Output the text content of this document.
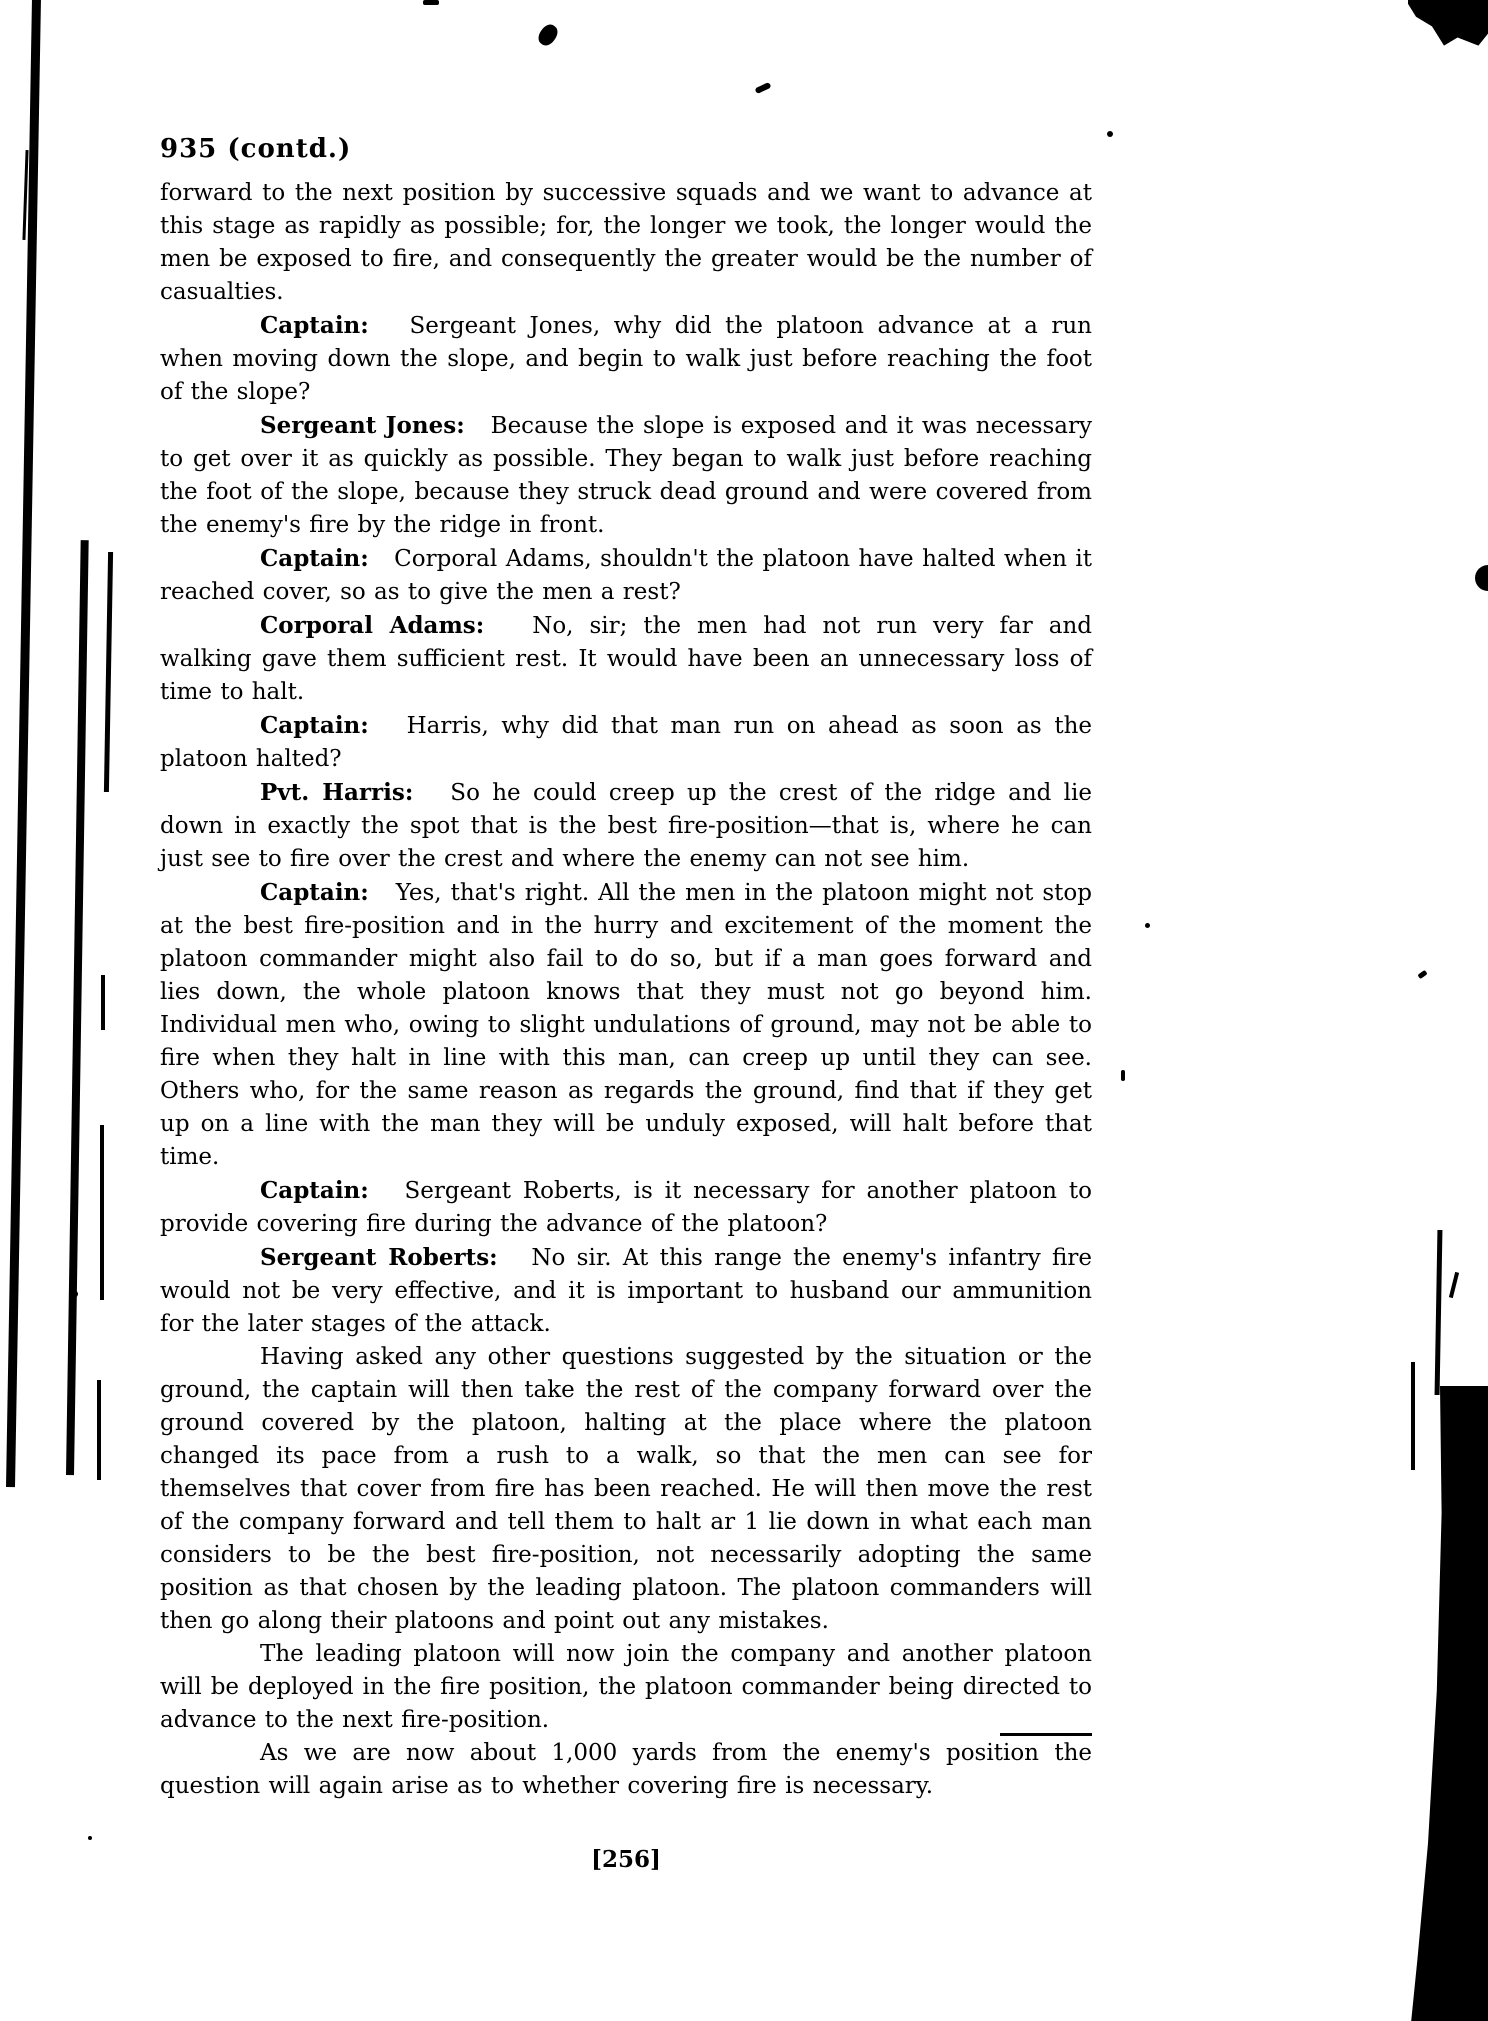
935 (contd.)

forward to the next position by successive squads and we want to advance at this stage as rapidly as possible; for, the longer we took, the longer would the men be exposed to fire, and consequently the greater would be the number of casualties.

Captain:   Sergeant Jones, why did the platoon advance at a run when moving down the slope, and begin to walk just before reaching the foot of the slope?

Sergeant Jones:   Because the slope is exposed and it was necessary to get over it as quickly as possible. They began to walk just before reaching the foot of the slope, because they struck dead ground and were covered from the enemy's fire by the ridge in front.

Captain:   Corporal Adams, shouldn't the platoon have halted when it reached cover, so as to give the men a rest?

Corporal Adams:   No, sir; the men had not run very far and walking gave them sufficient rest. It would have been an unnecessary loss of time to halt.

Captain:   Harris, why did that man run on ahead as soon as the platoon halted?

Pvt. Harris:   So he could creep up the crest of the ridge and lie down in exactly the spot that is the best fire-position—that is, where he can just see to fire over the crest and where the enemy can not see him.

Captain:   Yes, that's right. All the men in the platoon might not stop at the best fire-position and in the hurry and excitement of the moment the platoon commander might also fail to do so, but if a man goes forward and lies down, the whole platoon knows that they must not go beyond him. Individual men who, owing to slight undulations of ground, may not be able to fire when they halt in line with this man, can creep up until they can see. Others who, for the same reason as regards the ground, find that if they get up on a line with the man they will be unduly exposed, will halt before that time.

Captain:   Sergeant Roberts, is it necessary for another platoon to provide covering fire during the advance of the platoon?

Sergeant Roberts:   No sir. At this range the enemy's infantry fire would not be very effective, and it is important to husband our ammunition for the later stages of the attack.

Having asked any other questions suggested by the situation or the ground, the captain will then take the rest of the company forward over the ground covered by the platoon, halting at the place where the platoon changed its pace from a rush to a walk, so that the men can see for themselves that cover from fire has been reached. He will then move the rest of the company forward and tell them to halt ar 1 lie down in what each man considers to be the best fire-position, not necessarily adopting the same position as that chosen by the leading platoon. The platoon commanders will then go along their platoons and point out any mistakes.

The leading platoon will now join the company and another platoon will be deployed in the fire position, the platoon commander being directed to advance to the next fire-position.

As we are now about 1,000 yards from the enemy's position the question will again arise as to whether covering fire is necessary.

[256]
